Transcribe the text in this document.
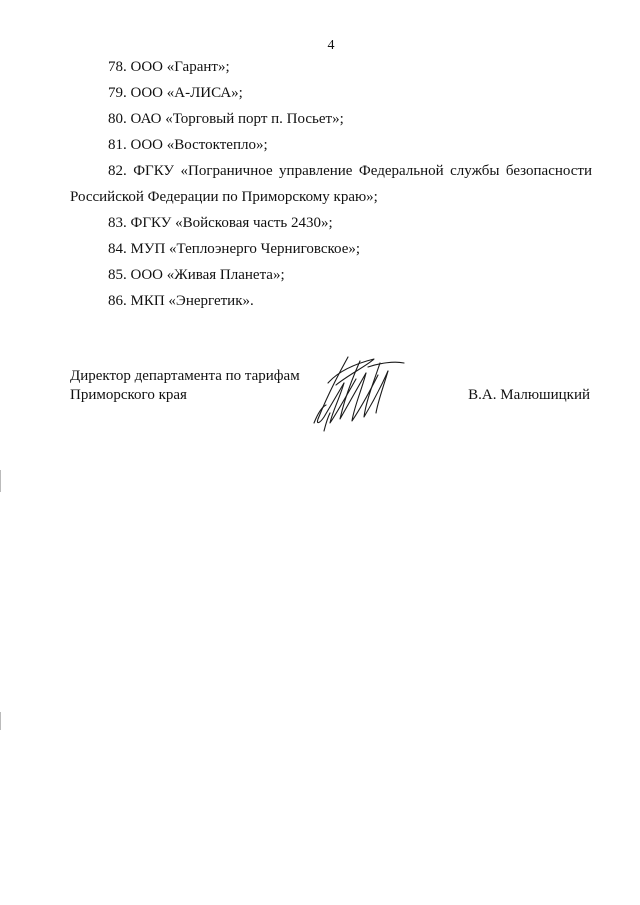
4

78. ООО «Гарант»;

79. ООО «А-ЛИСА»;

80. ОАО «Торговый порт п. Посьет»;

81. ООО «Востоктепло»;

82. ФГКУ «Пограничное управление Федеральной службы безопасности
Российской Федерации по Приморскому краю»;

83. ФГКУ «Войсковая часть 2430»;

84. МУП «Теплоэнерго Черниговское»;

85. ООО «Живая Планета»;

86. МКП «Энергетик».

Директор департамента по тарифам
Приморского края	В.А. Малюшицкий
